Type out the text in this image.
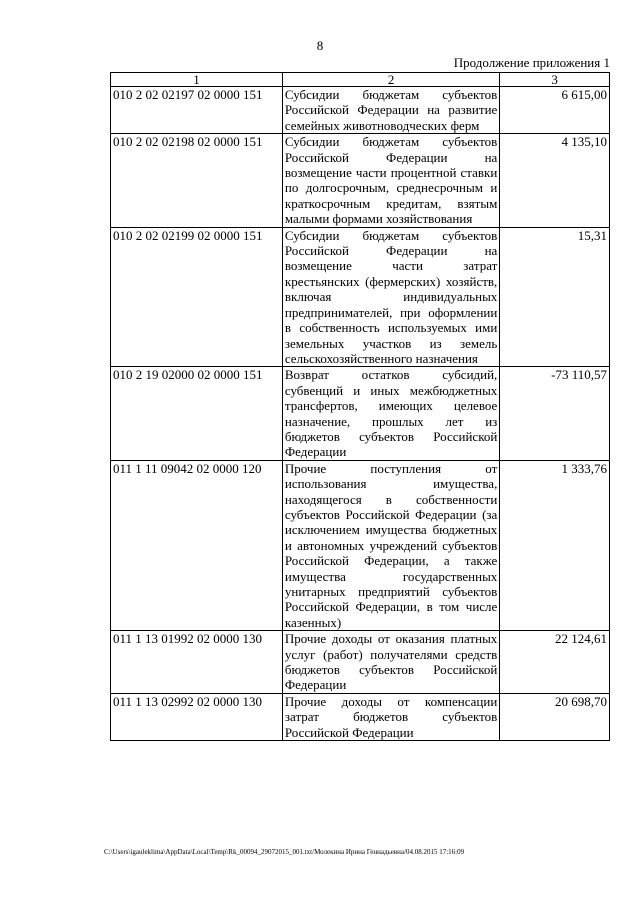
8
Продолжение приложения 1
1	2	3
010 2 02 02197 02 0000 151	Субсидии бюджетам субъектов Российской Федерации на развитие семейных животноводческих ферм	6 615,00
010 2 02 02198 02 0000 151	Субсидии бюджетам субъектов Российской Федерации на возмещение части процентной ставки по долгосрочным, среднесрочным и краткосрочным кредитам, взятым малыми формами хозяйствования	4 135,10
010 2 02 02199 02 0000 151	Субсидии бюджетам субъектов Российской Федерации на возмещение части затрат крестьянских (фермерских) хозяйств, включая индивидуальных предпринимателей, при оформлении в собственность используемых ими земельных участков из земель сельскохозяйственного назначения	15,31
010 2 19 02000 02 0000 151	Возврат остатков субсидий, субвенций и иных межбюджетных трансфертов, имеющих целевое назначение, прошлых лет из бюджетов субъектов Российской Федерации	-73 110,57
011 1 11 09042 02 0000 120	Прочие поступления от использования имущества, находящегося в собственности субъектов Российской Федерации (за исключением имущества бюджетных и автономных учреждений субъектов Российской Федерации, а также имущества государственных унитарных предприятий субъектов Российской Федерации, в том числе казенных)	1 333,76
011 1 13 01992 02 0000 130	Прочие доходы от оказания платных услуг (работ) получателями средств бюджетов субъектов Российской Федерации	22 124,61
011 1 13 02992 02 0000 130	Прочие доходы от компенсации затрат бюджетов субъектов Российской Федерации	20 698,70
C:\Users\igauleklima\AppData\Local\Temp\Rk_00094_29072015_001.txt/Молекина Ирина Геннадьевна/04.08.2015 17:16:09
